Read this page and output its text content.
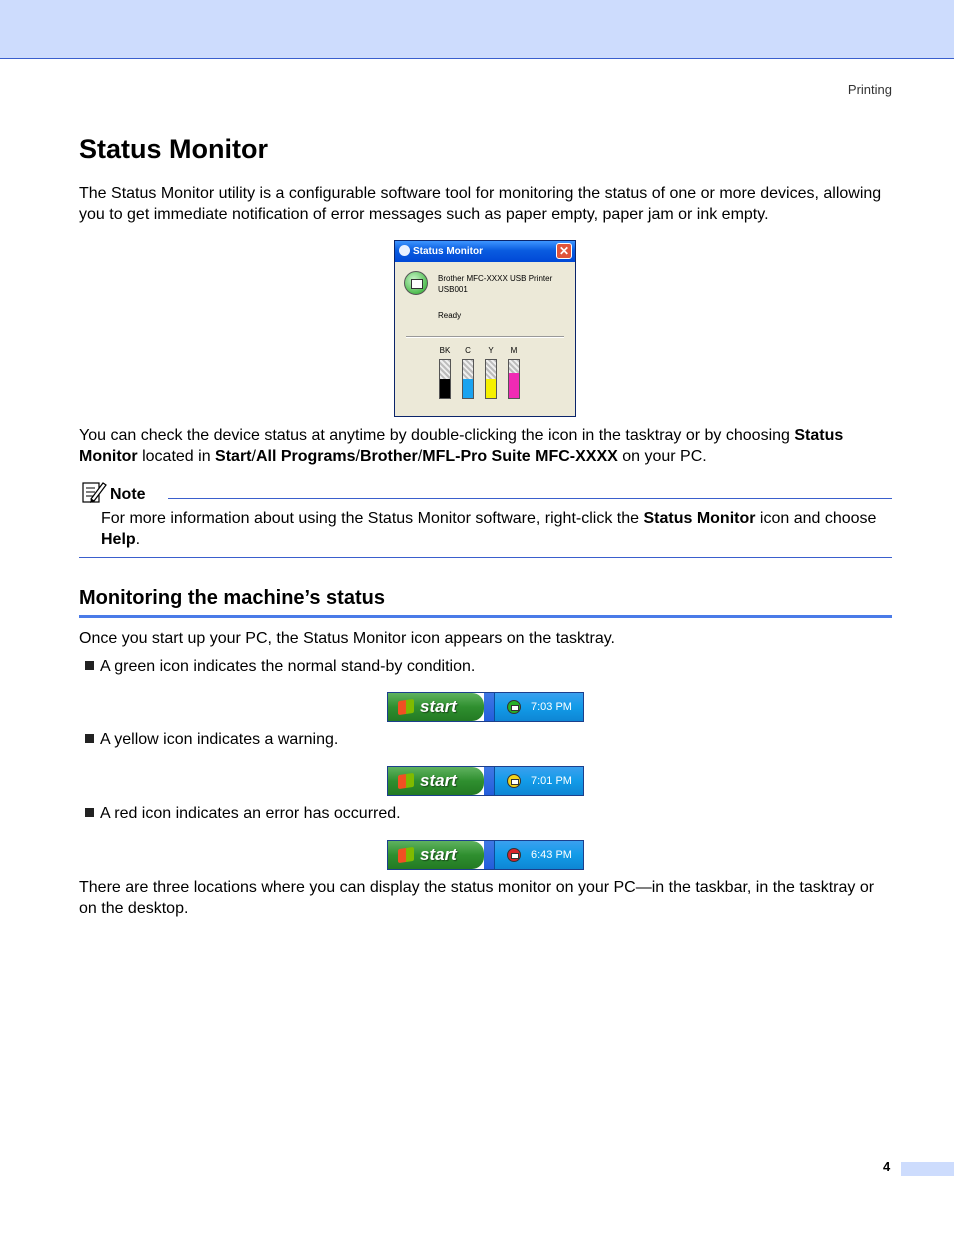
Printing
Status Monitor

The Status Monitor utility is a configurable software tool for monitoring the status of one or more devices, allowing you to get immediate notification of error messages such as paper empty, paper jam or ink empty.

Status Monitor	✕
Brother MFC-XXXX USB Printer
USB001
Ready
BK	C	Y	M

You can check the device status at anytime by double-clicking the icon in the tasktray or by choosing Status Monitor located in Start/All Programs/Brother/MFL-Pro Suite MFC-XXXX on your PC.

Note

For more information about using the Status Monitor software, right-click the Status Monitor icon and choose Help.

Monitoring the machine’s status

Once you start up your PC, the Status Monitor icon appears on the tasktray.

A green icon indicates the normal stand-by condition.
start	7:03 PM
A yellow icon indicates a warning.
start	7:01 PM
A red icon indicates an error has occurred.
start	6:43 PM

There are three locations where you can display the status monitor on your PC—in the taskbar, in the tasktray or on the desktop.

4
